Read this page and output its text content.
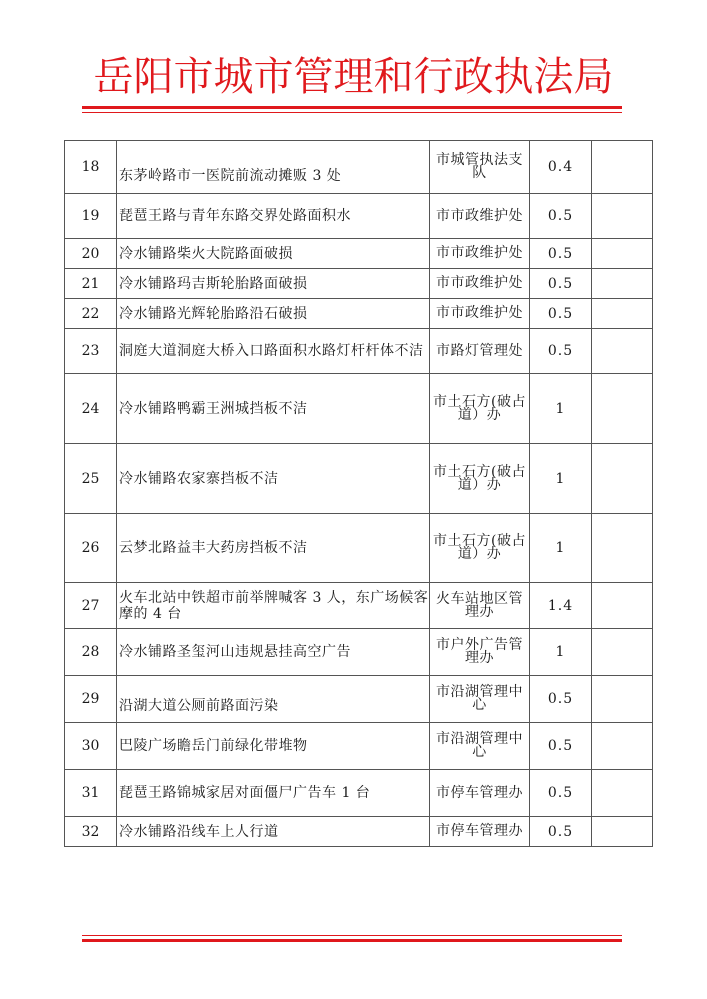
岳阳市城市管理和行政执法局
18	东茅岭路市一医院前流动摊贩 3 处	市城管执法支队	0.4	
19	琵琶王路与青年东路交界处路面积水	市市政维护处	0.5	
20	冷水铺路柴火大院路面破损	市市政维护处	0.5	
21	冷水铺路玛吉斯轮胎路面破损	市市政维护处	0.5	
22	冷水铺路光辉轮胎路沿石破损	市市政维护处	0.5	
23	洞庭大道洞庭大桥入口路面积水路灯杆杆体不洁	市路灯管理处	0.5	
24	冷水铺路鸭霸王洲城挡板不洁	市土石方(破占道）办	1	
25	冷水铺路农家寨挡板不洁	市土石方(破占道）办	1	
26	云梦北路益丰大药房挡板不洁	市土石方(破占道）办	1	
27	火车北站中铁超市前举牌喊客 3 人，东广场候客摩的 4 台	火车站地区管理办	1.4	
28	冷水铺路圣玺河山违规悬挂高空广告	市户外广告管理办	1	
29	沿湖大道公厕前路面污染	市沿湖管理中心	0.5	
30	巴陵广场瞻岳门前绿化带堆物	市沿湖管理中心	0.5	
31	琵琶王路锦城家居对面僵尸广告车 1 台	市停车管理办	0.5	
32	冷水铺路沿线车上人行道	市停车管理办	0.5	
